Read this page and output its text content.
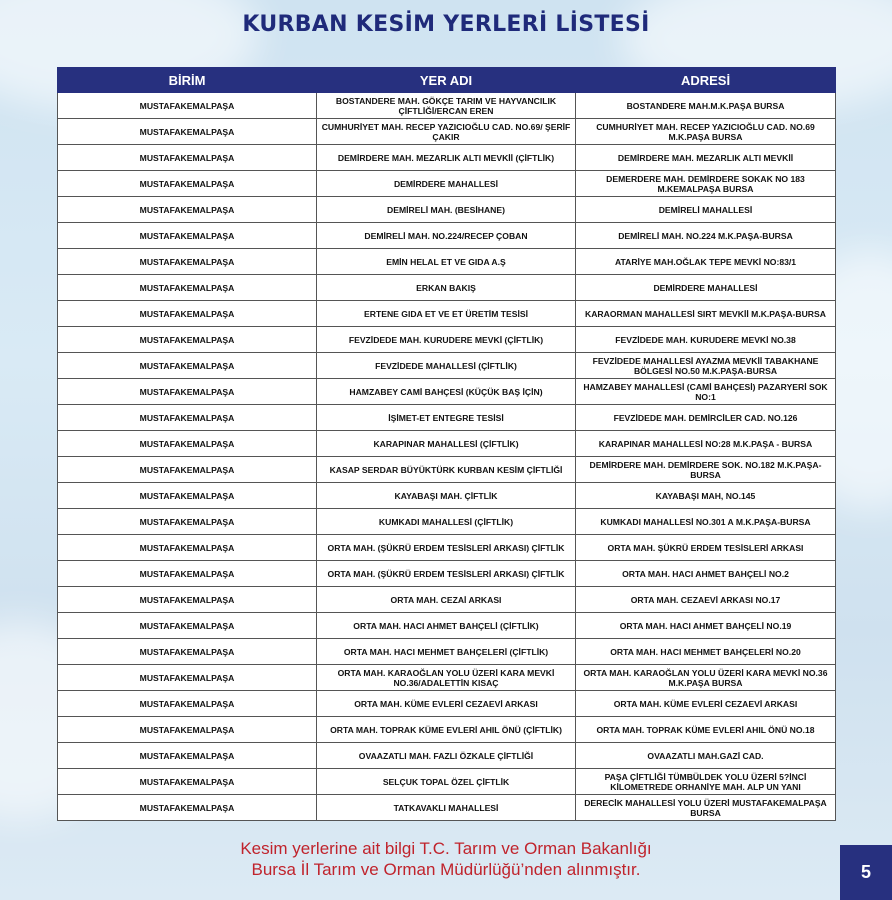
KURBAN KESİM YERLERİ LİSTESİ
BİRİM	YER ADI	ADRESİ
MUSTAFAKEMALPAŞA	BOSTANDERE MAH. GÖKÇE TARIM VE HAYVANCILIK ÇİFTLİĞİ/ERCAN EREN	BOSTANDERE MAH.M.K.PAŞA BURSA
MUSTAFAKEMALPAŞA	CUMHURİYET MAH. RECEP YAZICIOĞLU CAD. NO.69/ ŞERİF ÇAKIR	CUMHURİYET MAH. RECEP YAZICIOĞLU CAD. NO.69 M.K.PAŞA BURSA
MUSTAFAKEMALPAŞA	DEMİRDERE MAH. MEZARLIK ALTI MEVKİİ (ÇİFTLİK)	DEMİRDERE MAH. MEZARLIK ALTI MEVKİİ
MUSTAFAKEMALPAŞA	DEMİRDERE MAHALLESİ	DEMERDERE MAH. DEMİRDERE SOKAK NO 183 M.KEMALPAŞA BURSA
MUSTAFAKEMALPAŞA	DEMİRELİ MAH. (BESİHANE)	DEMİRELİ MAHALLESİ
MUSTAFAKEMALPAŞA	DEMİRELİ MAH. NO.224/RECEP ÇOBAN	DEMİRELİ MAH. NO.224 M.K.PAŞA-BURSA
MUSTAFAKEMALPAŞA	EMİN HELAL ET VE GIDA A.Ş	ATARİYE MAH.OĞLAK TEPE MEVKİ NO:83/1
MUSTAFAKEMALPAŞA	ERKAN BAKIŞ	DEMİRDERE MAHALLESİ
MUSTAFAKEMALPAŞA	ERTENE GIDA ET VE ET ÜRETİM TESİSİ	KARAORMAN MAHALLESİ SIRT MEVKİİ M.K.PAŞA-BURSA
MUSTAFAKEMALPAŞA	FEVZİDEDE MAH. KURUDERE MEVKİ (ÇİFTLİK)	FEVZİDEDE MAH. KURUDERE MEVKİ NO.38
MUSTAFAKEMALPAŞA	FEVZİDEDE MAHALLESİ (ÇİFTLİK)	FEVZİDEDE MAHALLESİ AYAZMA MEVKİİ TABAKHANE BÖLGESİ NO.50 M.K.PAŞA-BURSA
MUSTAFAKEMALPAŞA	HAMZABEY CAMİ BAHÇESİ (KÜÇÜK BAŞ İÇİN)	HAMZABEY MAHALLESİ (CAMİ BAHÇESİ) PAZARYERİ SOK NO:1
MUSTAFAKEMALPAŞA	İŞİMET-ET ENTEGRE TESİSİ	FEVZİDEDE MAH. DEMİRCİLER CAD. NO.126
MUSTAFAKEMALPAŞA	KARAPINAR MAHALLESİ (ÇİFTLİK)	KARAPINAR MAHALLESİ NO:28 M.K.PAŞA - BURSA
MUSTAFAKEMALPAŞA	KASAP SERDAR BÜYÜKTÜRK KURBAN KESİM ÇİFTLİĞİ	DEMİRDERE MAH. DEMİRDERE SOK. NO.182 M.K.PAŞA-BURSA
MUSTAFAKEMALPAŞA	KAYABAŞI MAH. ÇİFTLİK	KAYABAŞI MAH, NO.145
MUSTAFAKEMALPAŞA	KUMKADI MAHALLESİ (ÇİFTLİK)	KUMKADI MAHALLESİ NO.301 A M.K.PAŞA-BURSA
MUSTAFAKEMALPAŞA	ORTA MAH. (ŞÜKRÜ ERDEM TESİSLERİ ARKASI) ÇİFTLİK	ORTA MAH. ŞÜKRÜ ERDEM TESİSLERİ ARKASI
MUSTAFAKEMALPAŞA	ORTA MAH. (ŞÜKRÜ ERDEM TESİSLERİ ARKASI) ÇİFTLİK	ORTA MAH. HACI AHMET BAHÇELİ NO.2
MUSTAFAKEMALPAŞA	ORTA MAH. CEZAİ ARKASI	ORTA MAH. CEZAEVİ ARKASI NO.17
MUSTAFAKEMALPAŞA	ORTA MAH. HACI AHMET BAHÇELİ (ÇİFTLİK)	ORTA MAH. HACI AHMET BAHÇELİ NO.19
MUSTAFAKEMALPAŞA	ORTA MAH. HACI MEHMET BAHÇELERİ (ÇİFTLİK)	ORTA MAH. HACI MEHMET BAHÇELERİ NO.20
MUSTAFAKEMALPAŞA	ORTA MAH. KARAOĞLAN YOLU ÜZERİ KARA MEVKİ NO.36/ADALETTİN KISAÇ	ORTA MAH. KARAOĞLAN YOLU ÜZERİ KARA MEVKİ NO.36 M.K.PAŞA BURSA
MUSTAFAKEMALPAŞA	ORTA MAH. KÜME EVLERİ CEZAEVİ ARKASI	ORTA MAH. KÜME EVLERİ CEZAEVİ ARKASI
MUSTAFAKEMALPAŞA	ORTA MAH. TOPRAK KÜME EVLERİ AHIL ÖNÜ (ÇİFTLİK)	ORTA MAH. TOPRAK KÜME EVLERİ AHIL ÖNÜ NO.18
MUSTAFAKEMALPAŞA	OVAAZATLI MAH. FAZLI ÖZKALE ÇİFTLİĞİ	OVAAZATLI MAH.GAZİ CAD.
MUSTAFAKEMALPAŞA	SELÇUK TOPAL ÖZEL ÇİFTLİK	PAŞA ÇİFTLİĞİ TÜMBÜLDEK YOLU ÜZERİ 5?İNCİ KİLOMETREDE ORHANİYE MAH. ALP UN YANI
MUSTAFAKEMALPAŞA	TATKAVAKLI MAHALLESİ	DERECİK MAHALLESİ YOLU ÜZERİ MUSTAFAKEMALPAŞA BURSA
Kesim yerlerine ait bilgi T.C. Tarım ve Orman Bakanlığı
Bursa İl Tarım ve Orman Müdürlüğü’nden alınmıştır.	5
